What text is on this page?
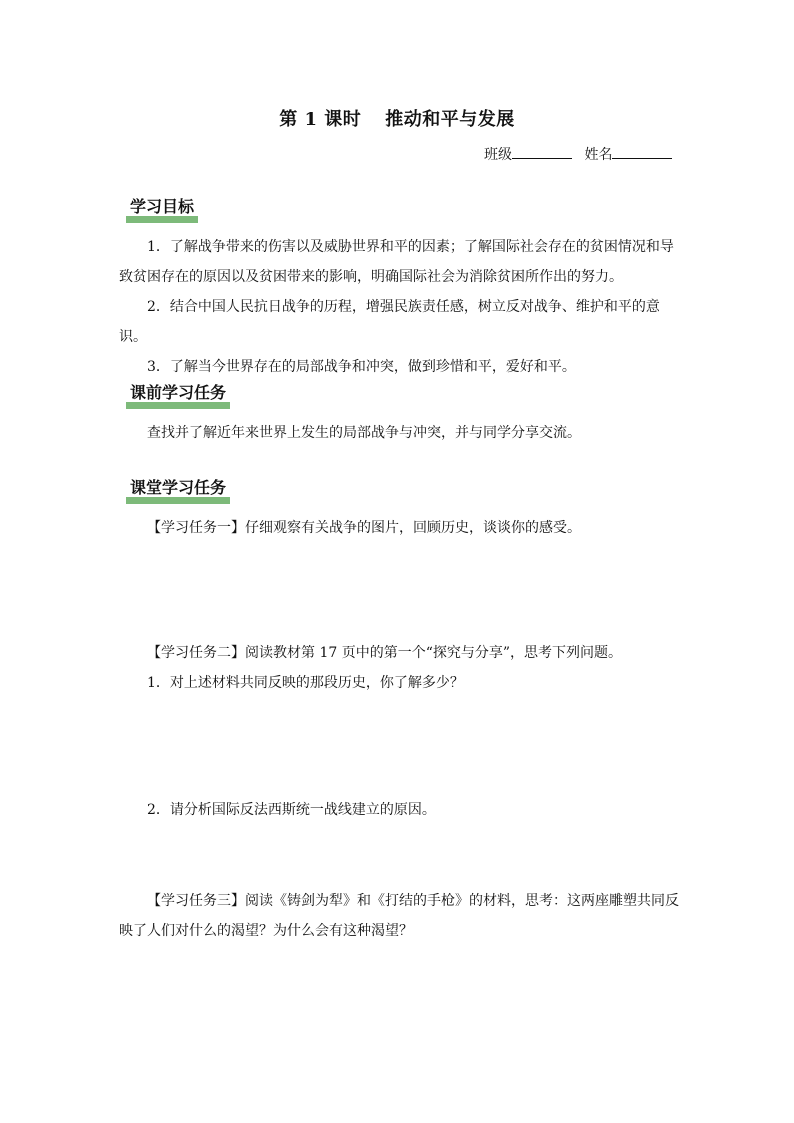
第 1 课时 推动和平与发展
班级	姓名
学习目标

1．了解战争带来的伤害以及威胁世界和平的因素；了解国际社会存在的贫困情况和导致贫困存在的原因以及贫困带来的影响，明确国际社会为消除贫困所作出的努力。

2．结合中国人民抗日战争的历程，增强民族责任感，树立反对战争、维护和平的意识。

3．了解当今世界存在的局部战争和冲突，做到珍惜和平，爱好和平。

课前学习任务

查找并了解近年来世界上发生的局部战争与冲突，并与同学分享交流。

课堂学习任务

【学习任务一】仔细观察有关战争的图片，回顾历史，谈谈你的感受。

【学习任务二】阅读教材第 17 页中的第一个“探究与分享”，思考下列问题。

1．对上述材料共同反映的那段历史，你了解多少？

2．请分析国际反法西斯统一战线建立的原因。

【学习任务三】阅读《铸剑为犁》和《打结的手枪》的材料，思考：这两座雕塑共同反映了人们对什么的渴望？为什么会有这种渴望？
